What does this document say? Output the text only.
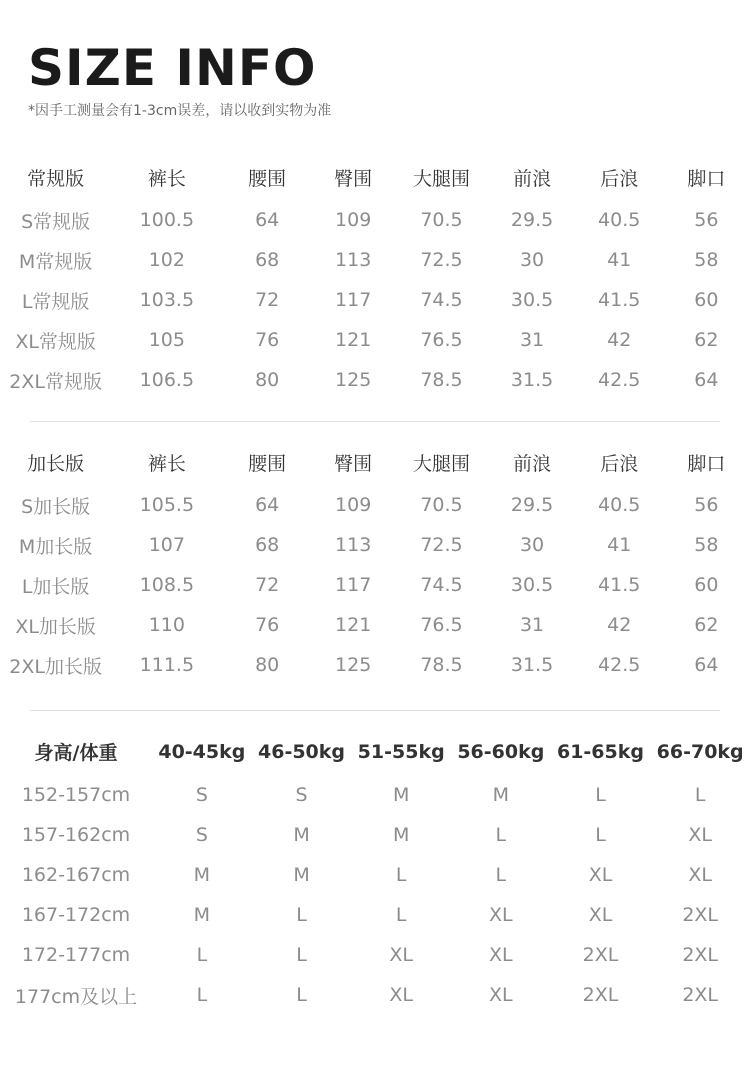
SIZE INFO
*因手工测量会有1-3cm误差，请以收到实物为准
常规版	裤长	腰围	臀围	大腿围	前浪	后浪	脚口
S常规版	100.5	64	109	70.5	29.5	40.5	56
M常规版	102	68	113	72.5	30	41	58
L常规版	103.5	72	117	74.5	30.5	41.5	60
XL常规版	105	76	121	76.5	31	42	62
2XL常规版	106.5	80	125	78.5	31.5	42.5	64
加长版	裤长	腰围	臀围	大腿围	前浪	后浪	脚口
S加长版	105.5	64	109	70.5	29.5	40.5	56
M加长版	107	68	113	72.5	30	41	58
L加长版	108.5	72	117	74.5	30.5	41.5	60
XL加长版	110	76	121	76.5	31	42	62
2XL加长版	111.5	80	125	78.5	31.5	42.5	64
身高/体重	40-45kg	46-50kg	51-55kg	56-60kg	61-65kg	66-70kg
152-157cm	S	S	M	M	L	L
157-162cm	S	M	M	L	L	XL
162-167cm	M	M	L	L	XL	XL
167-172cm	M	L	L	XL	XL	2XL
172-177cm	L	L	XL	XL	2XL	2XL
177cm及以上	L	L	XL	XL	2XL	2XL
